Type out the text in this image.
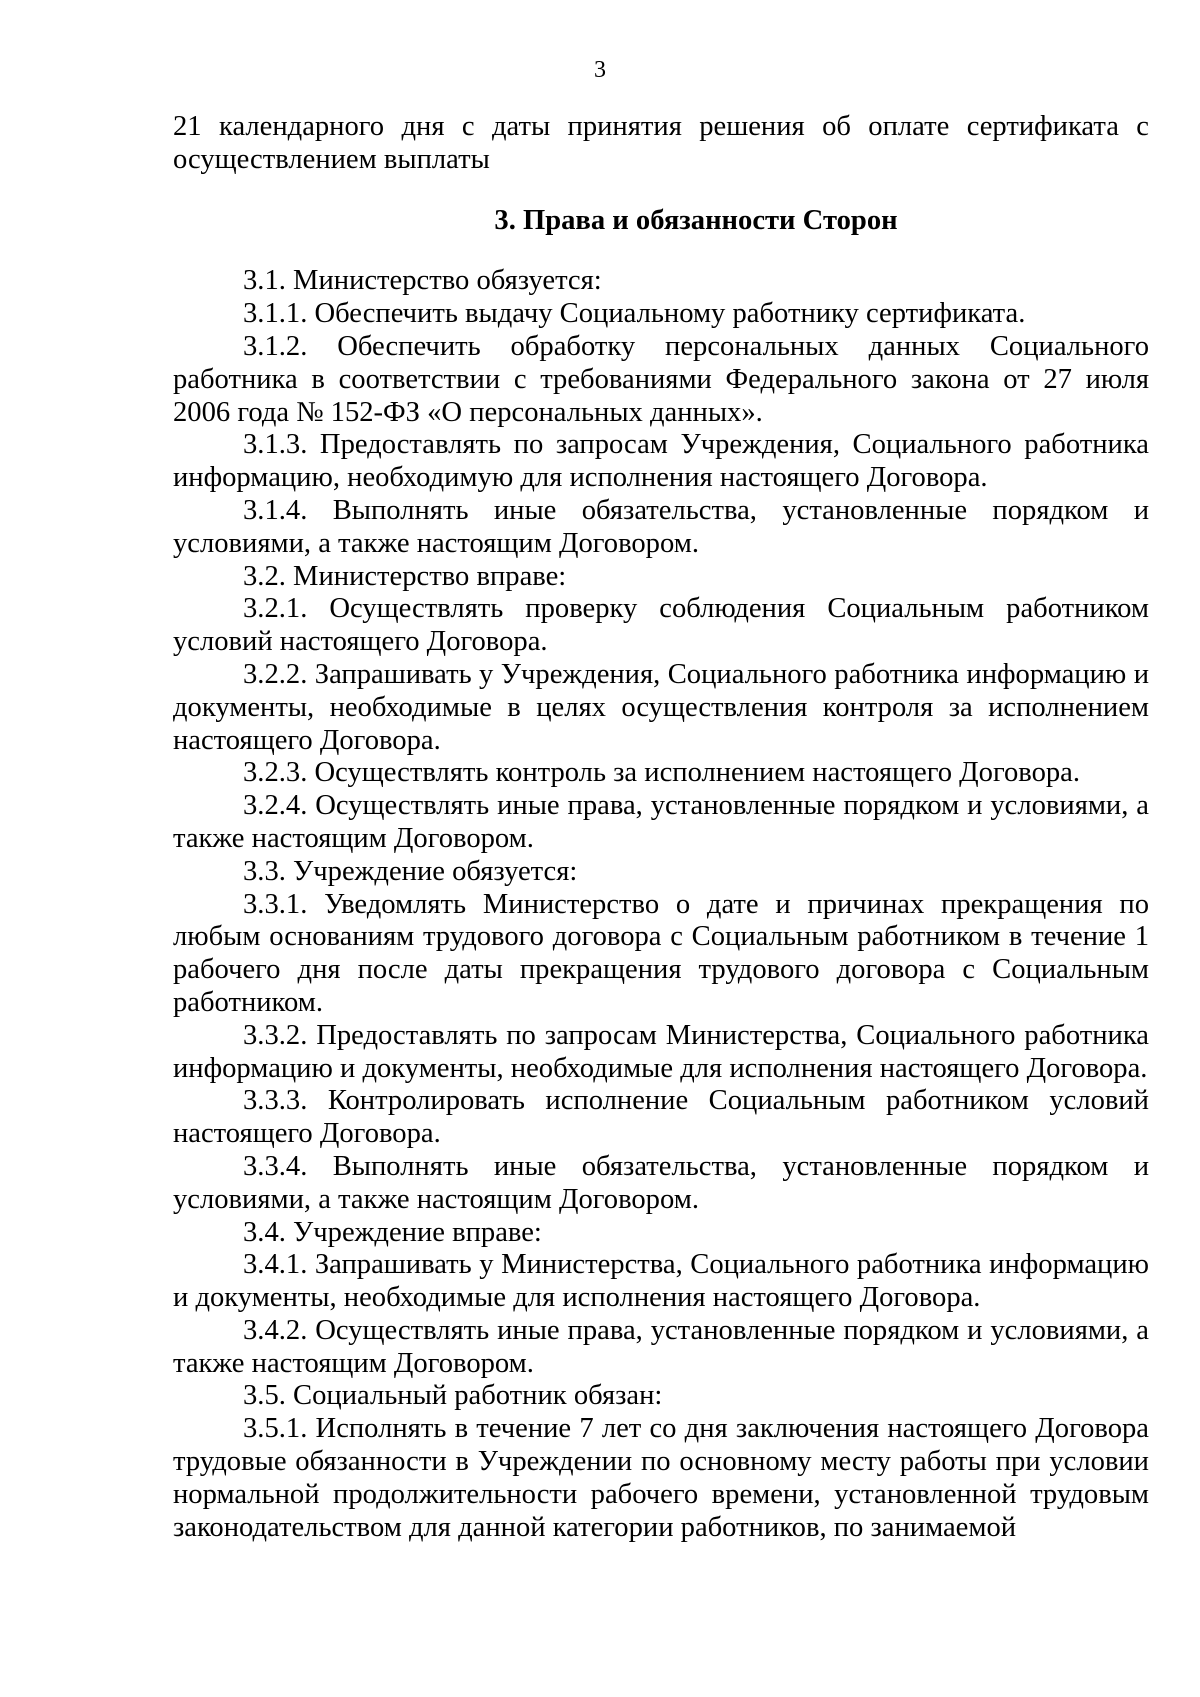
3

21 календарного дня с даты принятия решения об оплате сертификата с осуществлением выплаты

3. Права и обязанности Сторон

3.1. Министерство обязуется:

3.1.1. Обеспечить выдачу Социальному работнику сертификата.

3.1.2. Обеспечить обработку персональных данных Социального работника в соответствии с требованиями Федерального закона от 27 июля 2006 года № 152-ФЗ «О персональных данных».

3.1.3. Предоставлять по запросам Учреждения, Социального работника информацию, необходимую для исполнения настоящего Договора.

3.1.4. Выполнять иные обязательства, установленные порядком и условиями, а также настоящим Договором.

3.2. Министерство вправе:

3.2.1. Осуществлять проверку соблюдения Социальным работником условий настоящего Договора.

3.2.2. Запрашивать у Учреждения, Социального работника информацию и документы, необходимые в целях осуществления контроля за исполнением настоящего Договора.

3.2.3. Осуществлять контроль за исполнением настоящего Договора.

3.2.4. Осуществлять иные права, установленные порядком и условиями, а также настоящим Договором.

3.3. Учреждение обязуется:

3.3.1. Уведомлять Министерство о дате и причинах прекращения по любым основаниям трудового договора с Социальным работником в течение 1 рабочего дня после даты прекращения трудового договора с Социальным работником.

3.3.2. Предоставлять по запросам Министерства, Социального работника информацию и документы, необходимые для исполнения настоящего Договора.

3.3.3. Контролировать исполнение Социальным работником условий настоящего Договора.

3.3.4. Выполнять иные обязательства, установленные порядком и условиями, а также настоящим Договором.

3.4. Учреждение вправе:

3.4.1. Запрашивать у Министерства, Социального работника информацию и документы, необходимые для исполнения настоящего Договора.

3.4.2. Осуществлять иные права, установленные порядком и условиями, а также настоящим Договором.

3.5. Социальный работник обязан:

3.5.1. Исполнять в течение 7 лет со дня заключения настоящего Договора трудовые обязанности в Учреждении по основному месту работы при условии нормальной продолжительности рабочего времени, установленной трудовым законодательством для данной категории работников, по занимаемой
